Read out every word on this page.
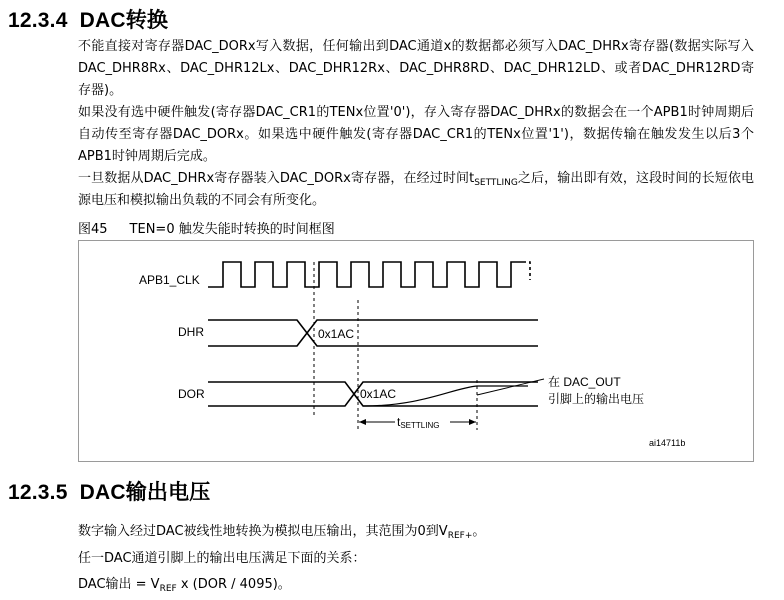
12.3.4 DAC转换

不能直接对寄存器DAC_DORx写入数据，任何输出到DAC通道x的数据都必须写入DAC_DHRx寄存器(数据实际写入DAC_DHR8Rx、DAC_DHR12Lx、DAC_DHR12Rx、DAC_DHR8RD、DAC_DHR12LD、或者DAC_DHR12RD寄存器)。

如果没有选中硬件触发(寄存器DAC_CR1的TENx位置'0')，存入寄存器DAC_DHRx的数据会在一个APB1时钟周期后自动传至寄存器DAC_DORx。如果选中硬件触发(寄存器DAC_CR1的TENx位置'1')，数据传输在触发发生以后3个APB1时钟周期后完成。

一旦数据从DAC_DHRx寄存器装入DAC_DORx寄存器，在经过时间$t_{SETTLING}$之后，输出即有效，这段时间的长短依电源电压和模拟输出负载的不同会有所变化。

图45 TEN=0 触发失能时转换的时间框图
APB1_CLK
DHR
DOR
0x1AC
0x1AC
在 DAC_OUT
引脚上的输出电压
tSETTLING
ai14711b
12.3.5 DAC输出电压
数字输入经过DAC被线性地转换为模拟电压输出，其范围为0到$V_{REF+}$。
任一DAC通道引脚上的输出电压满足下面的关系：
DAC输出 = $V_{REF}$ x (DOR / 4095)。
